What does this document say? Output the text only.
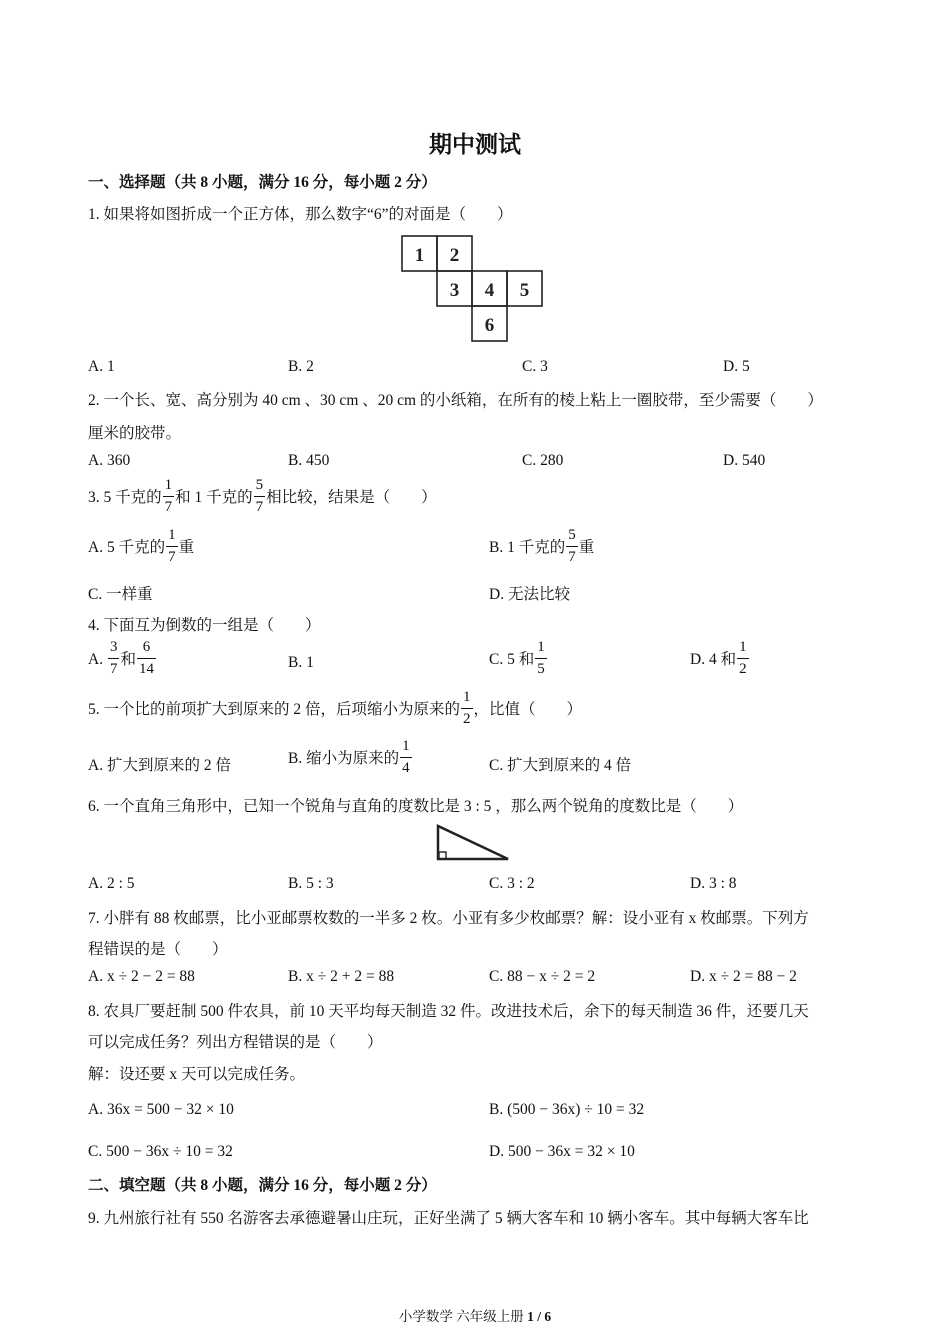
期中测试
一、选择题（共 8 小题，满分 16 分，每小题 2 分）
1. 如果将如图折成一个正方体，那么数字“6”的对面是（　　）
1 2
3 4 5
6
A. 1	B. 2	C. 3	D. 5
2. 一个长、宽、高分别为 40 cm 、30 cm 、20 cm 的小纸箱，在所有的棱上粘上一圈胶带，至少需要（　　）
厘米的胶带。
A. 360	B. 450	C. 280	D. 540
3. 5 千克的 $\frac{1}{7}$ 和 1 千克的 $\frac{5}{7}$ 相比较，结果是（　　）
A. 5 千克的 $\frac{1}{7}$ 重	B. 1 千克的 $\frac{5}{7}$ 重
C. 一样重	D. 无法比较
4. 下面互为倒数的一组是（　　）
A. $\frac{3}{7}$ 和 $\frac{6}{14}$	B. 1	C. 5 和 $\frac{1}{5}$	D. 4 和 $\frac{1}{2}$
5. 一个比的前项扩大到原来的 2 倍，后项缩小为原来的 $\frac{1}{2}$ ，比值（　　）
A. 扩大到原来的 2 倍	B. 缩小为原来的 $\frac{1}{4}$	C. 扩大到原来的 4 倍
6. 一个直角三角形中，已知一个锐角与直角的度数比是 3 : 5 ，那么两个锐角的度数比是（　　）
A. 2 : 5	B. 5 : 3	C. 3 : 2	D. 3 : 8
7. 小胖有 88 枚邮票，比小亚邮票枚数的一半多 2 枚。小亚有多少枚邮票？解：设小亚有 x 枚邮票。下列方
程错误的是（　　）
A. x ÷ 2 − 2 = 88	B. x ÷ 2 + 2 = 88	C. 88 − x ÷ 2 = 2	D. x ÷ 2 = 88 − 2
8. 农具厂要赶制 500 件农具，前 10 天平均每天制造 32 件。改进技术后，余下的每天制造 36 件，还要几天
可以完成任务？列出方程错误的是（　　）
解：设还要 x 天可以完成任务。
A. 36x = 500 − 32 × 10	B. (500 − 36x) ÷ 10 = 32
C. 500 − 36x ÷ 10 = 32	D. 500 − 36x = 32 × 10
二、填空题（共 8 小题，满分 16 分，每小题 2 分）
9. 九州旅行社有 550 名游客去承德避暑山庄玩，正好坐满了 5 辆大客车和 10 辆小客车。其中每辆大客车比
小学数学 六年级上册 1 / 6
